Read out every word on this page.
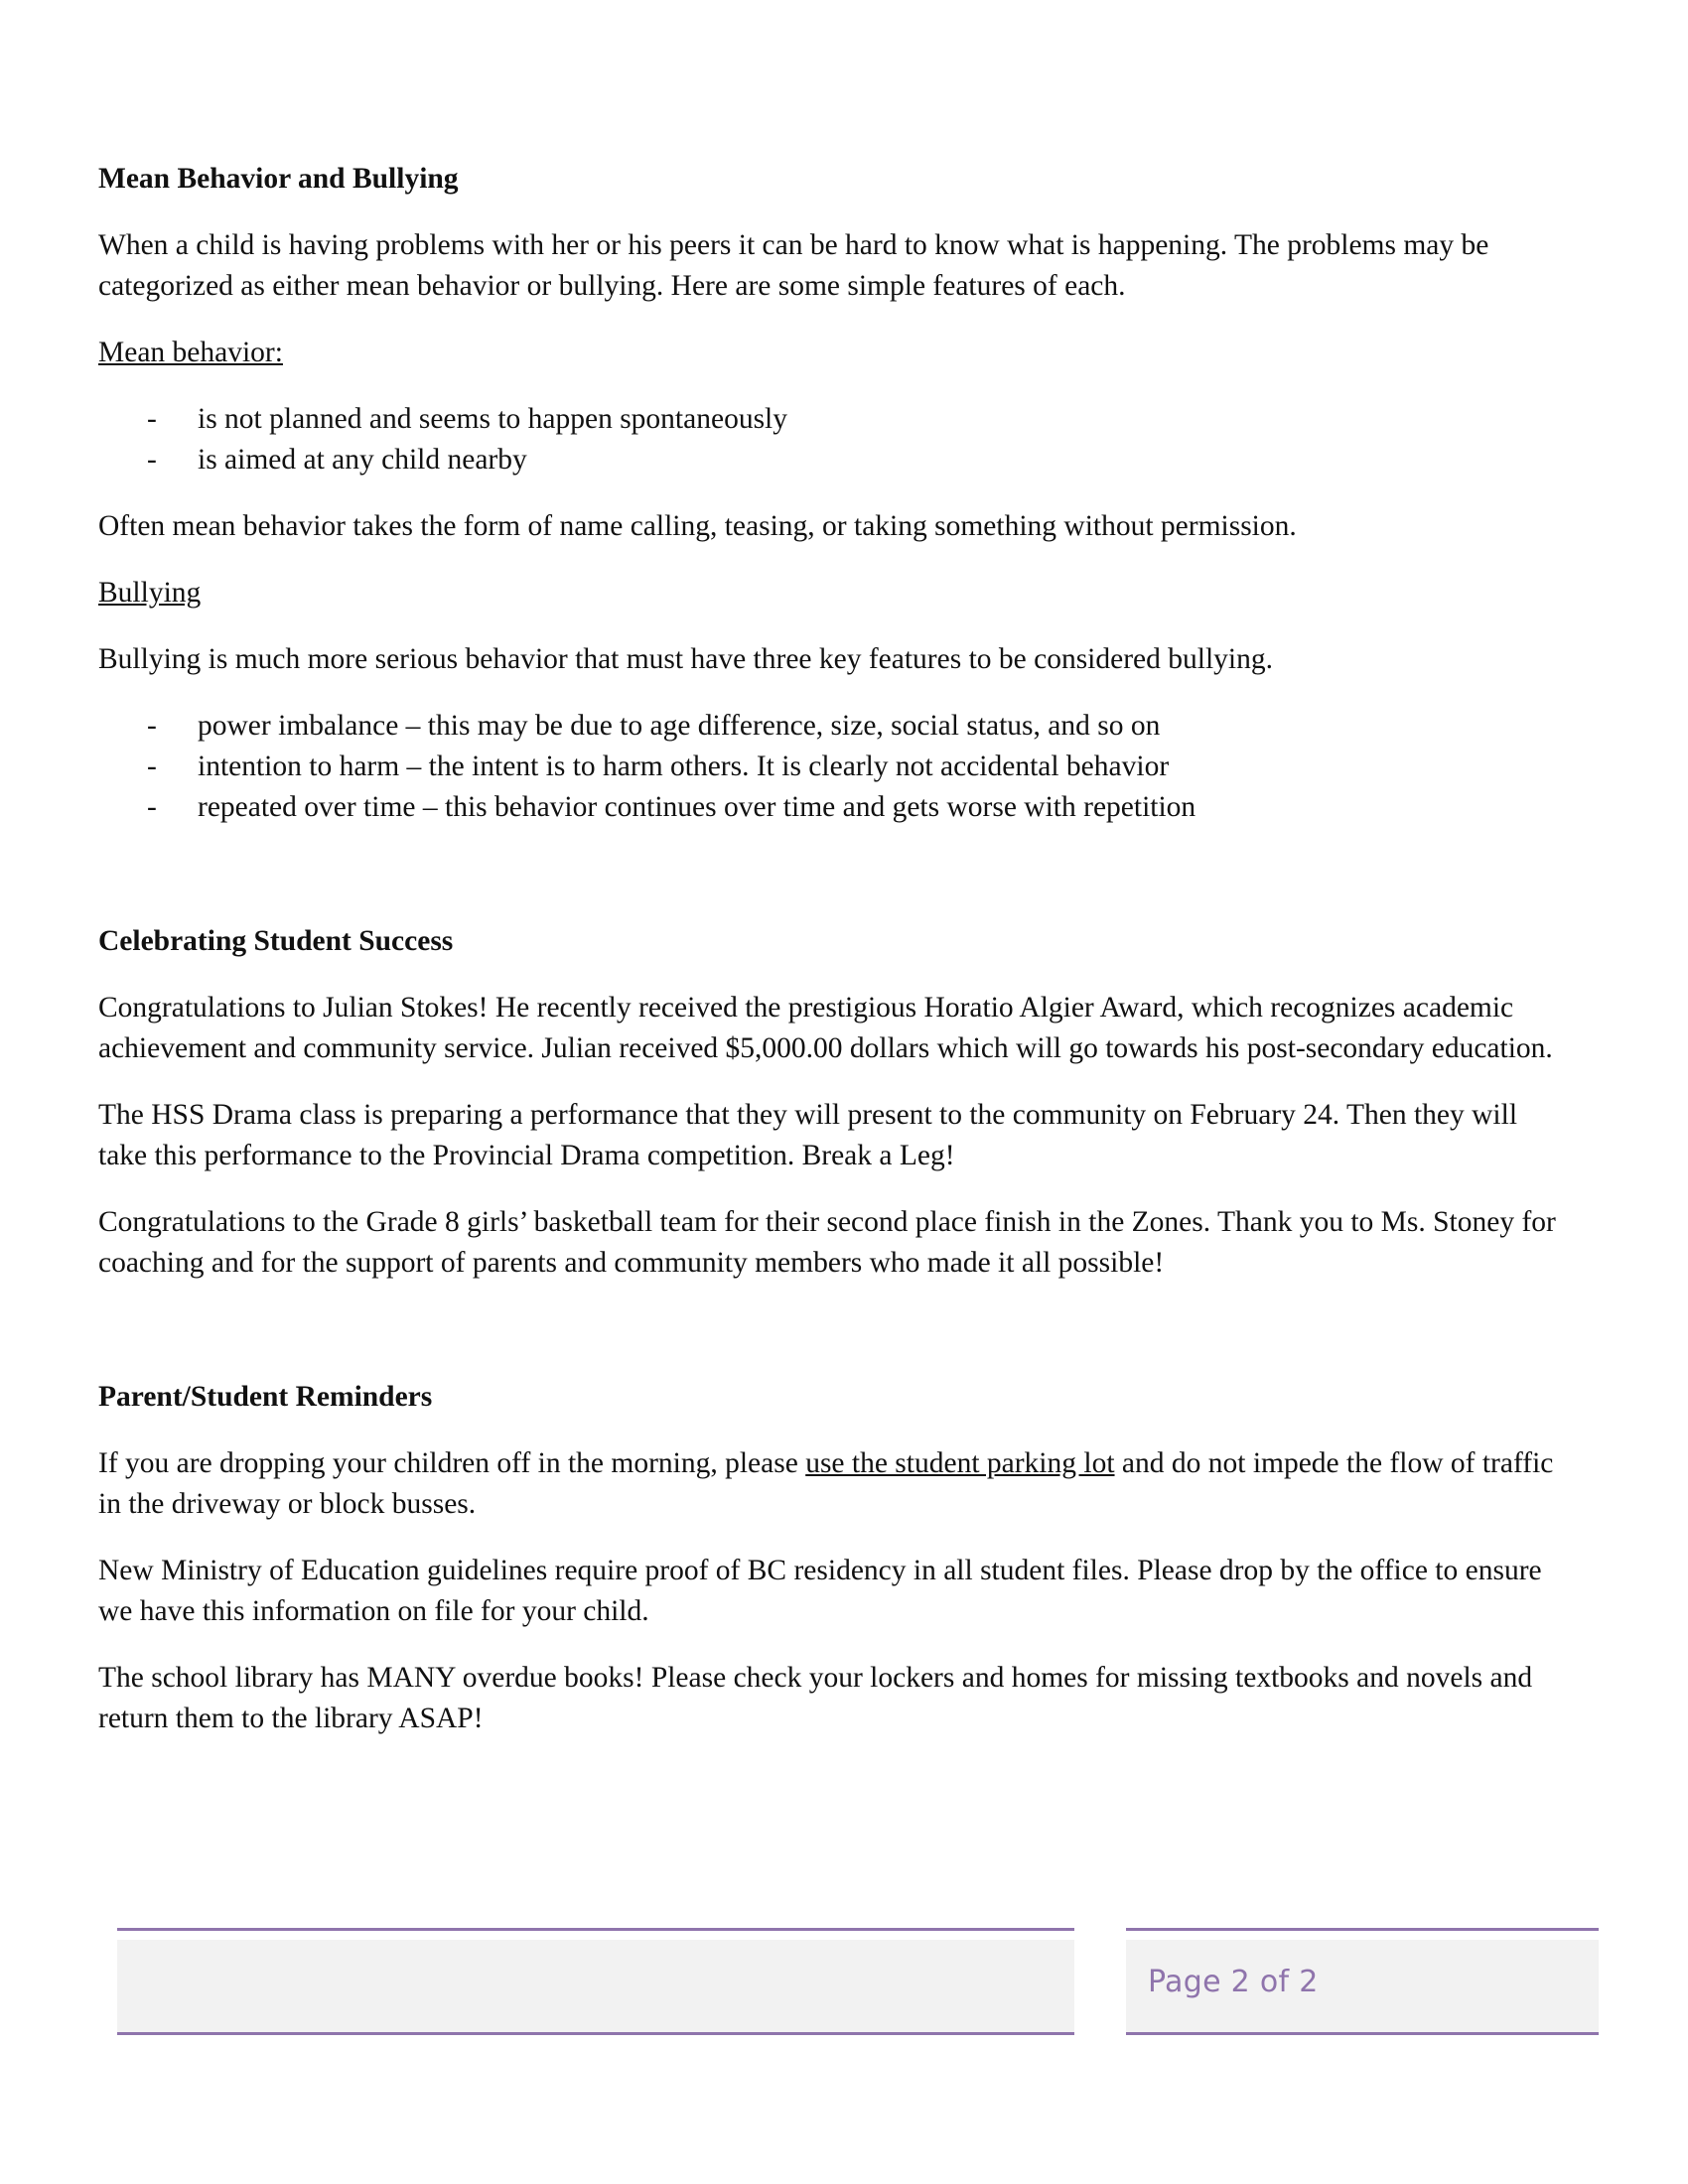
Mean Behavior and Bullying

When a child is having problems with her or his peers it can be hard to know what is happening. The problems may be categorized as either mean behavior or bullying. Here are some simple features of each.

Mean behavior:

- is not planned and seems to happen spontaneously
- is aimed at any child nearby

Often mean behavior takes the form of name calling, teasing, or taking something without permission.

Bullying

Bullying is much more serious behavior that must have three key features to be considered bullying.

- power imbalance – this may be due to age difference, size, social status, and so on
- intention to harm – the intent is to harm others. It is clearly not accidental behavior
- repeated over time – this behavior continues over time and gets worse with repetition

Celebrating Student Success

Congratulations to Julian Stokes! He recently received the prestigious Horatio Algier Award, which recognizes academic achievement and community service. Julian received $5,000.00 dollars which will go towards his post-secondary education.

The HSS Drama class is preparing a performance that they will present to the community on February 24. Then they will take this performance to the Provincial Drama competition. Break a Leg!

Congratulations to the Grade 8 girls’ basketball team for their second place finish in the Zones. Thank you to Ms. Stoney for coaching and for the support of parents and community members who made it all possible!

Parent/Student Reminders

If you are dropping your children off in the morning, please use the student parking lot and do not impede the flow of traffic in the driveway or block busses.

New Ministry of Education guidelines require proof of BC residency in all student files. Please drop by the office to ensure we have this information on file for your child.

The school library has MANY overdue books! Please check your lockers and homes for missing textbooks and novels and return them to the library ASAP!

Page 2 of 2
